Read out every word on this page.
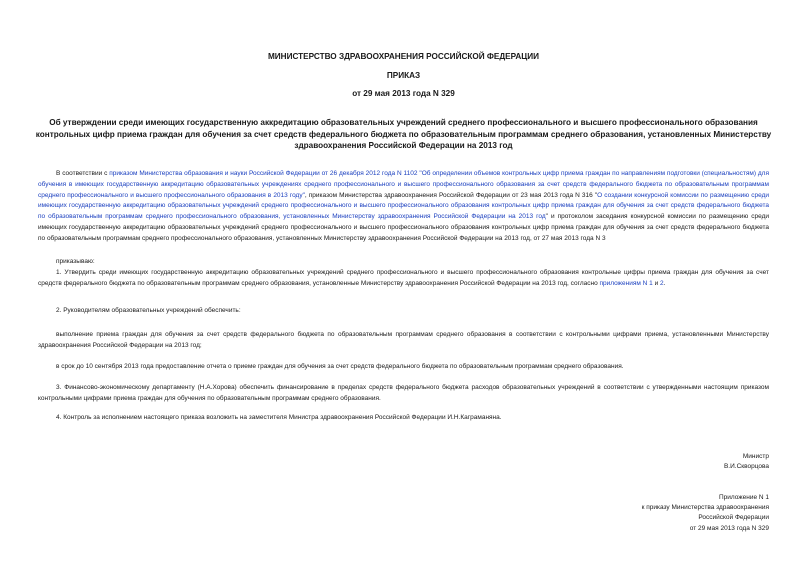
МИНИСТЕРСТВО ЗДРАВООХРАНЕНИЯ РОССИЙСКОЙ ФЕДЕРАЦИИ
ПРИКАЗ
от 29 мая 2013 года N 329
Об утверждении среди имеющих государственную аккредитацию образовательных учреждений среднего профессионального и высшего профессионального образования контрольных цифр приема граждан для обучения за счет средств федерального бюджета по образовательным программам среднего образования, установленных Министерству здравоохранения Российской Федерации на 2013 год
В соответствии с приказом Министерства образования и науки Российской Федерации от 26 декабря 2012 года N 1102 "Об определении объемов контрольных цифр приема граждан по направлениям подготовки (специальностям) для обучения в имеющих государственную аккредитацию образовательных учреждениях среднего профессионального и высшего профессионального образования за счет средств федерального бюджета по образовательным программам среднего профессионального и высшего профессионального образования в 2013 году", приказом Министерства здравоохранения Российской Федерации от 23 мая 2013 года N 316 "О создании конкурсной комиссии по размещению среди имеющих государственную аккредитацию образовательных учреждений среднего профессионального и высшего профессионального образования контрольных цифр приема граждан для обучения за счет средств федерального бюджета по образовательным программам среднего профессионального образования, установленных Министерству здравоохранения Российской Федерации на 2013 год" и протоколом заседания конкурсной комиссии по размещению среди имеющих государственную аккредитацию образовательных учреждений среднего профессионального и высшего профессионального образования контрольных цифр приема граждан для обучения за счет средств федерального бюджета по образовательным программам среднего профессионального образования, установленных Министерству здравоохранения Российской Федерации на 2013 год, от 27 мая 2013 года N 3
приказываю:
1. Утвердить среди имеющих государственную аккредитацию образовательных учреждений среднего профессионального и высшего профессионального образования контрольные цифры приема граждан для обучения за счет средств федерального бюджета по образовательным программам среднего образования, установленные Министерству здравоохранения Российской Федерации на 2013 год, согласно приложениям N 1 и 2.
2. Руководителям образовательных учреждений обеспечить:
выполнение приема граждан для обучения за счет средств федерального бюджета по образовательным программам среднего образования в соответствии с контрольными цифрами приема, установленными Министерству здравоохранения Российской Федерации на 2013 год;
в срок до 10 сентября 2013 года предоставление отчета о приеме граждан для обучения за счет средств федерального бюджета по образовательным программам среднего образования.
3. Финансово-экономическому департаменту (Н.А.Хорова) обеспечить финансирование в пределах средств федерального бюджета расходов образовательных учреждений в соответствии с утвержденными настоящим приказом контрольными цифрами приема граждан для обучения по образовательным программам среднего образования.
4. Контроль за исполнением настоящего приказа возложить на заместителя Министра здравоохранения Российской Федерации И.Н.Каграманяна.
Министр
В.И.Скворцова
Приложение N 1
к приказу Министерства здравоохранения
Российской Федерации
от 29 мая 2013 года N 329
